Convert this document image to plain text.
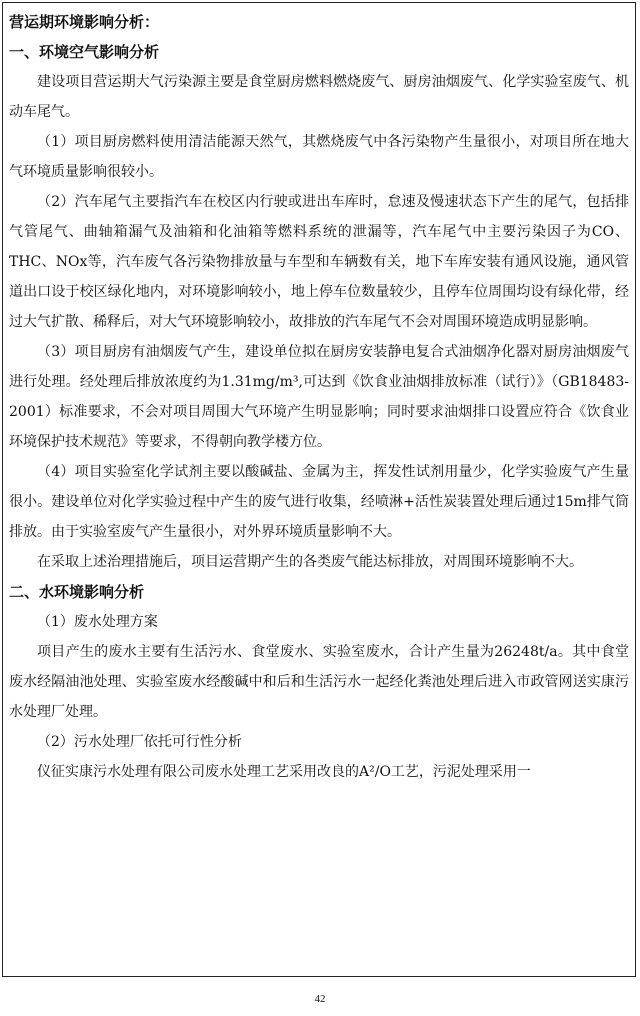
营运期环境影响分析：

一、环境空气影响分析

建设项目营运期大气污染源主要是食堂厨房燃料燃烧废气、厨房油烟废气、化学实验室废气、机动车尾气。

（1）项目厨房燃料使用清洁能源天然气，其燃烧废气中各污染物产生量很小，对项目所在地大气环境质量影响很较小。

（2）汽车尾气主要指汽车在校区内行驶或进出车库时，怠速及慢速状态下产生的尾气，包括排气管尾气、曲轴箱漏气及油箱和化油箱等燃料系统的泄漏等，汽车尾气中主要污染因子为CO、THC、NOx等，汽车废气各污染物排放量与车型和车辆数有关，地下车库安装有通风设施，通风管道出口设于校区绿化地内，对环境影响较小，地上停车位数量较少，且停车位周围均设有绿化带，经过大气扩散、稀释后，对大气环境影响较小，故排放的汽车尾气不会对周围环境造成明显影响。

（3）项目厨房有油烟废气产生，建设单位拟在厨房安装静电复合式油烟净化器对厨房油烟废气进行处理。经处理后排放浓度约为1.31mg/m³,可达到《饮食业油烟排放标准（试行）》（GB18483-2001）标准要求，不会对项目周围大气环境产生明显影响；同时要求油烟排口设置应符合《饮食业环境保护技术规范》等要求，不得朝向教学楼方位。

（4）项目实验室化学试剂主要以酸碱盐、金属为主，挥发性试剂用量少，化学实验废气产生量很小。建设单位对化学实验过程中产生的废气进行收集，经喷淋+活性炭装置处理后通过15m排气筒排放。由于实验室废气产生量很小，对外界环境质量影响不大。

在采取上述治理措施后，项目运营期产生的各类废气能达标排放，对周围环境影响不大。

二、水环境影响分析

（1）废水处理方案

项目产生的废水主要有生活污水、食堂废水、实验室废水，合计产生量为26248t/a。其中食堂废水经隔油池处理、实验室废水经酸碱中和后和生活污水一起经化粪池处理后进入市政管网送实康污水处理厂处理。

（2）污水处理厂依托可行性分析

仪征实康污水处理有限公司废水处理工艺采用改良的A²/O工艺，污泥处理采用一

42
